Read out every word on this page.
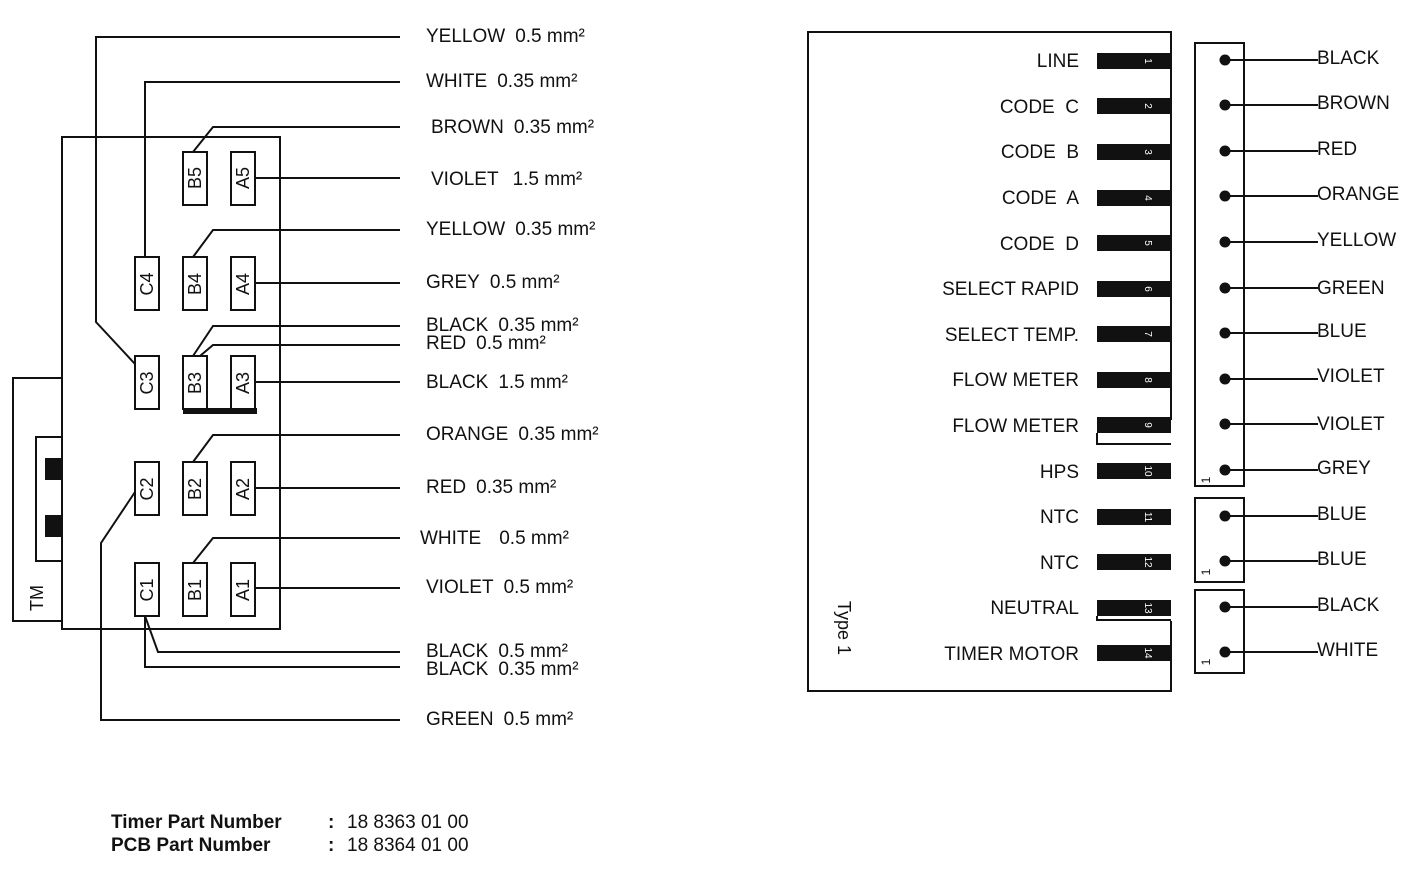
TM
A5
B5
A4
B4
C4
A3
B3
C3
A2
B2
C2
A1
B1
C1
YELLOW 0.5 mm²
WHITE 0.35 mm²
BROWN 0.35 mm²
VIOLET 1.5 mm²
YELLOW 0.35 mm²
GREY 0.5 mm²
BLACK 0.35 mm²
RED 0.5 mm²
BLACK 1.5 mm²
ORANGE 0.35 mm²
RED 0.35 mm²
WHITE 0.5 mm²
VIOLET 0.5 mm²
BLACK 0.5 mm²
BLACK 0.35 mm²
GREEN 0.5 mm²
Type 1
LINE
CODE  C
CODE  B
CODE  A
CODE  D
SELECT RAPID
SELECT TEMP.
FLOW METER
FLOW METER
HPS
NTC
NTC
NEUTRAL
TIMER MOTOR
1
2
3
4
5
6
7
8
9
10
11
12
13
14
1
1
1
BLACK
BROWN
RED
ORANGE
YELLOW
GREEN
BLUE
VIOLET
VIOLET
GREY
BLUE
BLUE
BLACK
WHITE
Timer Part Number : 18 8363 01 00
PCB Part Number	: 18 8364 01 00
